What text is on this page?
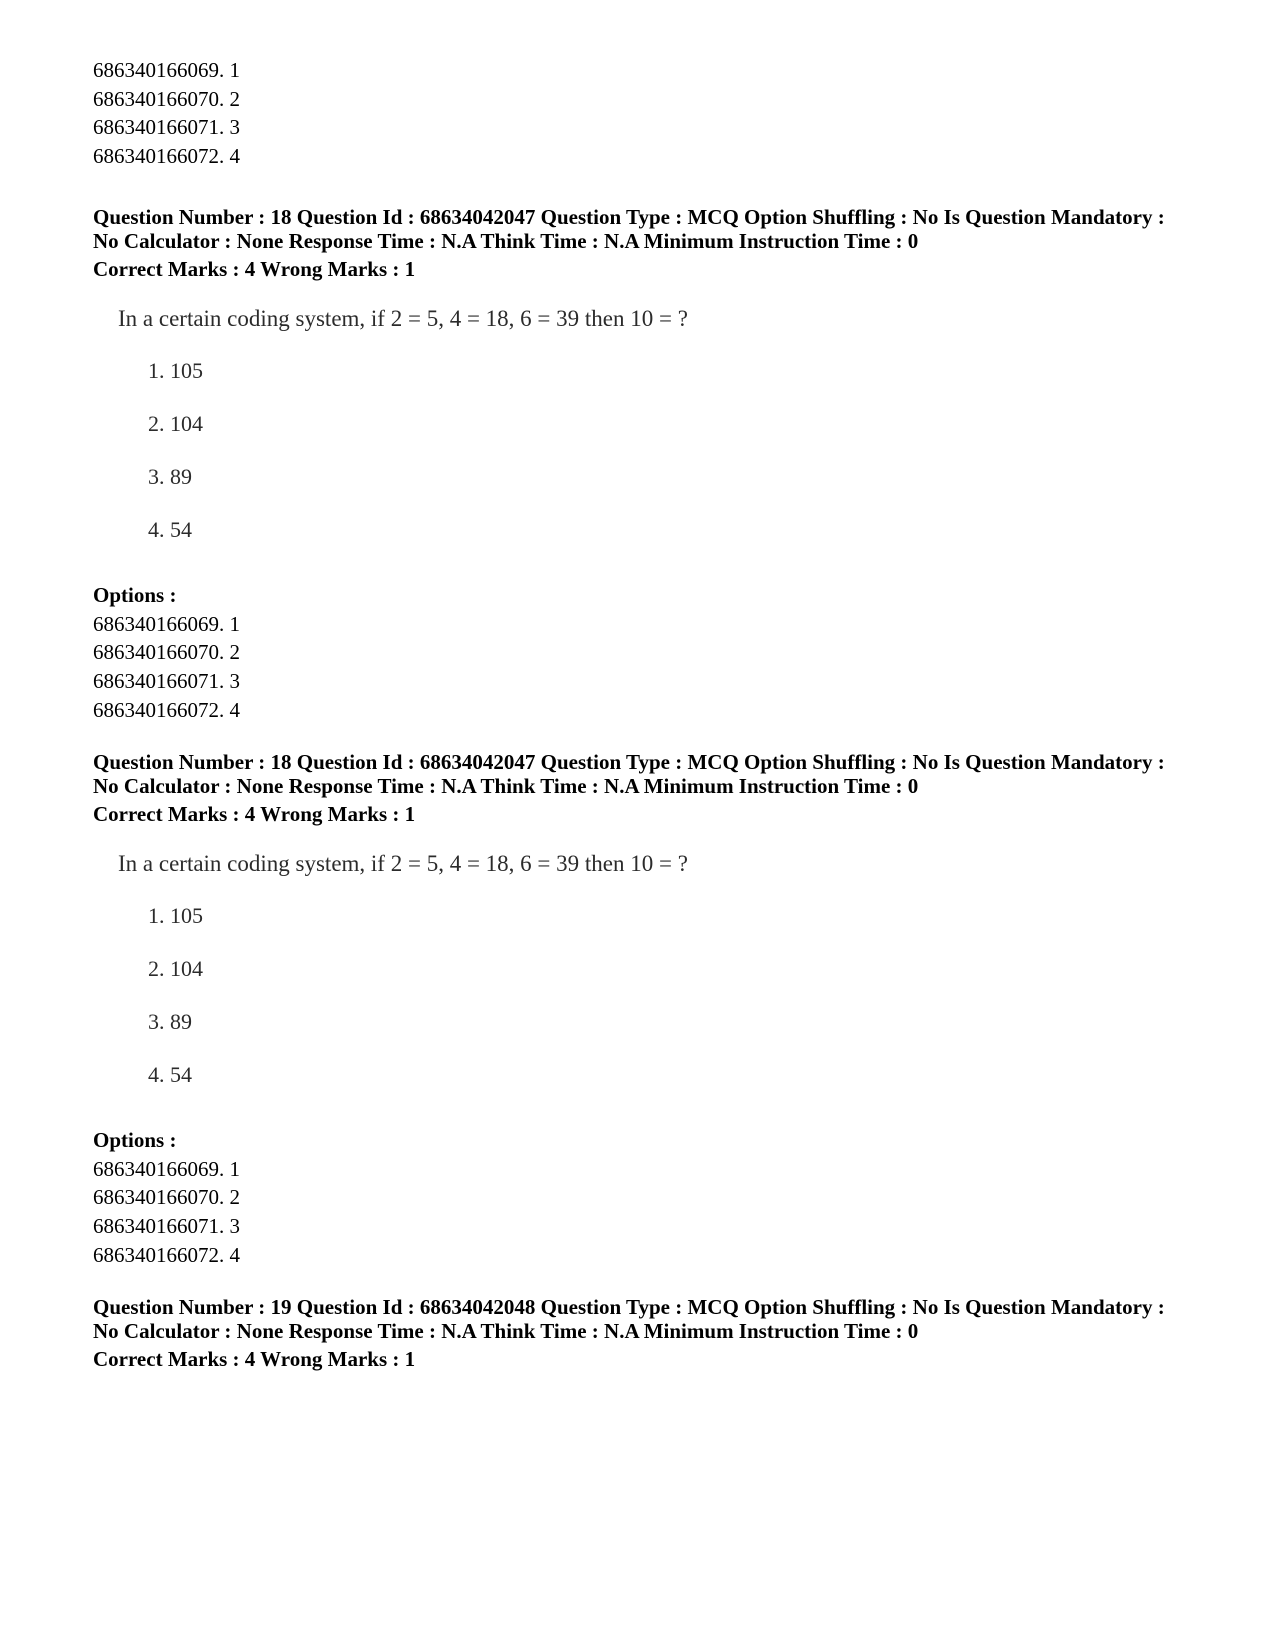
686340166069. 1
686340166070. 2
686340166071. 3
686340166072. 4
Question Number : 18 Question Id : 68634042047 Question Type : MCQ Option Shuffling : No Is Question Mandatory :
No Calculator : None Response Time : N.A Think Time : N.A Minimum Instruction Time : 0
Correct Marks : 4 Wrong Marks : 1
In a certain coding system, if 2 = 5, 4 = 18, 6 = 39 then 10 = ?
1. 105
2. 104
3. 89
4. 54
Options :
686340166069. 1
686340166070. 2
686340166071. 3
686340166072. 4
Question Number : 18 Question Id : 68634042047 Question Type : MCQ Option Shuffling : No Is Question Mandatory :
No Calculator : None Response Time : N.A Think Time : N.A Minimum Instruction Time : 0
Correct Marks : 4 Wrong Marks : 1
In a certain coding system, if 2 = 5, 4 = 18, 6 = 39 then 10 = ?
1. 105
2. 104
3. 89
4. 54
Options :
686340166069. 1
686340166070. 2
686340166071. 3
686340166072. 4
Question Number : 19 Question Id : 68634042048 Question Type : MCQ Option Shuffling : No Is Question Mandatory :
No Calculator : None Response Time : N.A Think Time : N.A Minimum Instruction Time : 0
Correct Marks : 4 Wrong Marks : 1
